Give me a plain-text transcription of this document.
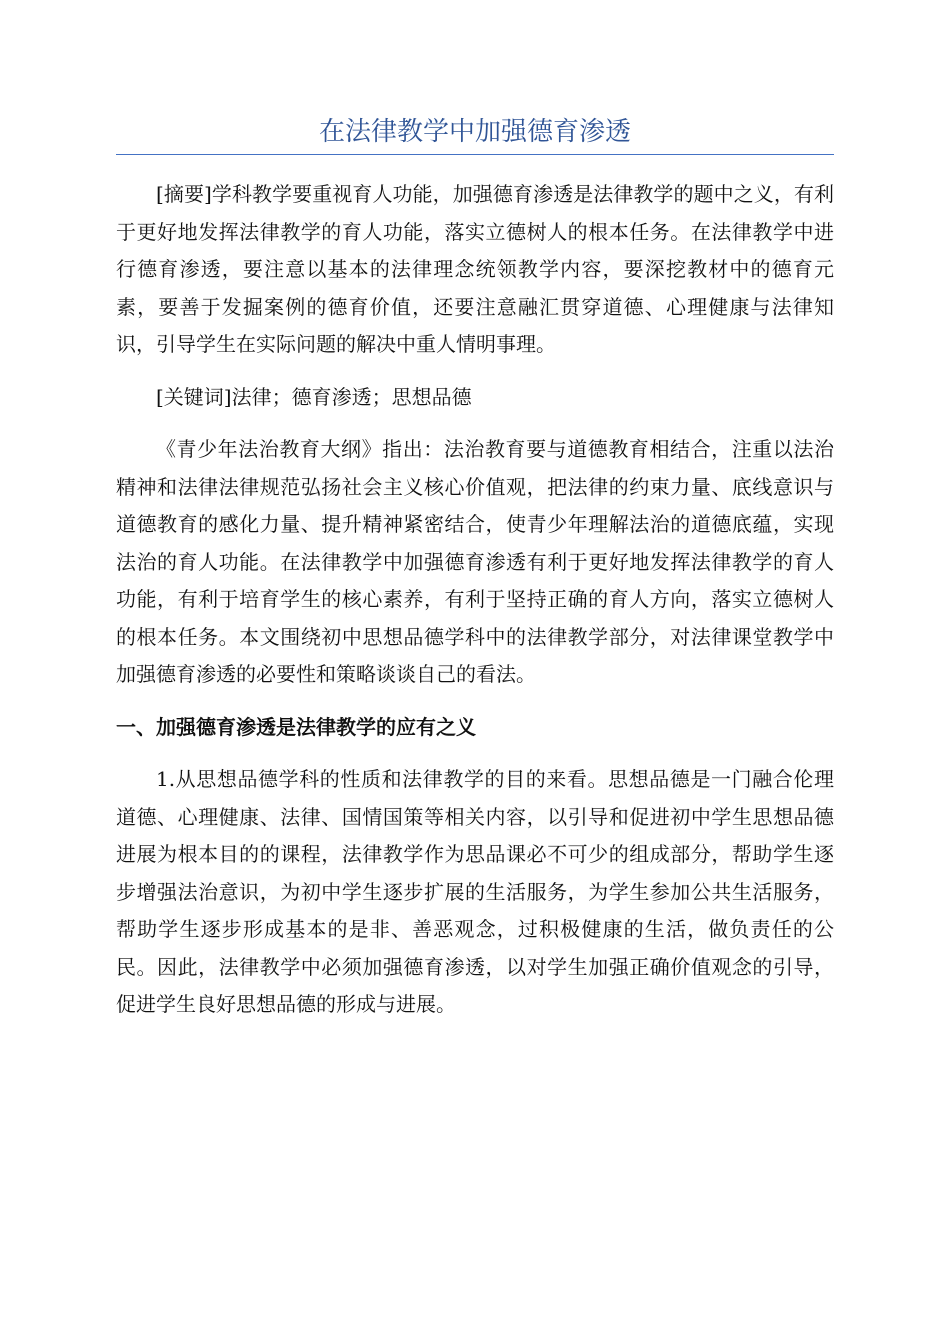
在法律教学中加强德育渗透

[摘要]学科教学要重视育人功能，加强德育渗透是法律教学的题中之义，有利于更好地发挥法律教学的育人功能，落实立德树人的根本任务。在法律教学中进行德育渗透，要注意以基本的法律理念统领教学内容，要深挖教材中的德育元素，要善于发掘案例的德育价值，还要注意融汇贯穿道德、心理健康与法律知识，引导学生在实际问题的解决中重人情明事理。

[关键词]法律；德育渗透；思想品德

《青少年法治教育大纲》指出：法治教育要与道德教育相结合，注重以法治精神和法律法律规范弘扬社会主义核心价值观，把法律的约束力量、底线意识与道德教育的感化力量、提升精神紧密结合，使青少年理解法治的道德底蕴，实现法治的育人功能。在法律教学中加强德育渗透有利于更好地发挥法律教学的育人功能，有利于培育学生的核心素养，有利于坚持正确的育人方向，落实立德树人的根本任务。本文围绕初中思想品德学科中的法律教学部分，对法律课堂教学中加强德育渗透的必要性和策略谈谈自己的看法。

一、加强德育渗透是法律教学的应有之义

1.从思想品德学科的性质和法律教学的目的来看。思想品德是一门融合伦理道德、心理健康、法律、国情国策等相关内容，以引导和促进初中学生思想品德进展为根本目的的课程，法律教学作为思品课必不可少的组成部分，帮助学生逐步增强法治意识，为初中学生逐步扩展的生活服务，为学生参加公共生活服务，帮助学生逐步形成基本的是非、善恶观念，过积极健康的生活，做负责任的公民。因此，法律教学中必须加强德育渗透，以对学生加强正确价值观念的引导，促进学生良好思想品德的形成与进展。
